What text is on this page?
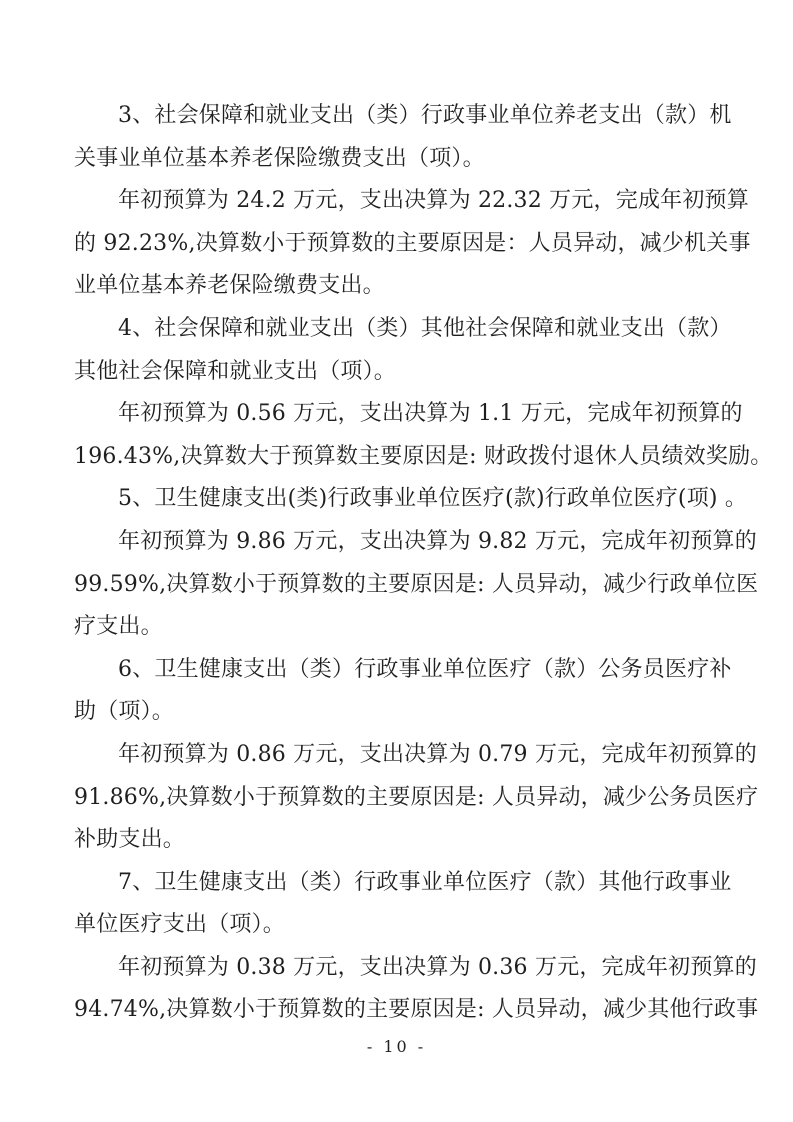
3、社会保障和就业支出（类）行政事业单位养老支出（款）机
关事业单位基本养老保险缴费支出（项）。
年初预算为 24.2 万元，支出决算为 22.32 万元，完成年初预算
的 92.23%,决算数小于预算数的主要原因是：人员异动，减少机关事
业单位基本养老保险缴费支出。
4、社会保障和就业支出（类）其他社会保障和就业支出（款）
其他社会保障和就业支出（项）。
年初预算为 0.56 万元，支出决算为 1.1 万元，完成年初预算的
196.43%,决算数大于预算数主要原因是: 财政拨付退休人员绩效奖励。
5、卫生健康支出(类)行政事业单位医疗(款)行政单位医疗(项) 。
年初预算为 9.86 万元，支出决算为 9.82 万元，完成年初预算的
99.59%,决算数小于预算数的主要原因是: 人员异动，减少行政单位医
疗支出。
6、卫生健康支出（类）行政事业单位医疗（款）公务员医疗补
助（项）。
年初预算为 0.86 万元，支出决算为 0.79 万元，完成年初预算的
91.86%,决算数小于预算数的主要原因是: 人员异动，减少公务员医疗
补助支出。
7、卫生健康支出（类）行政事业单位医疗（款）其他行政事业
单位医疗支出（项）。
年初预算为 0.38 万元，支出决算为 0.36 万元，完成年初预算的
94.74%,决算数小于预算数的主要原因是: 人员异动，减少其他行政事
- 10 -
